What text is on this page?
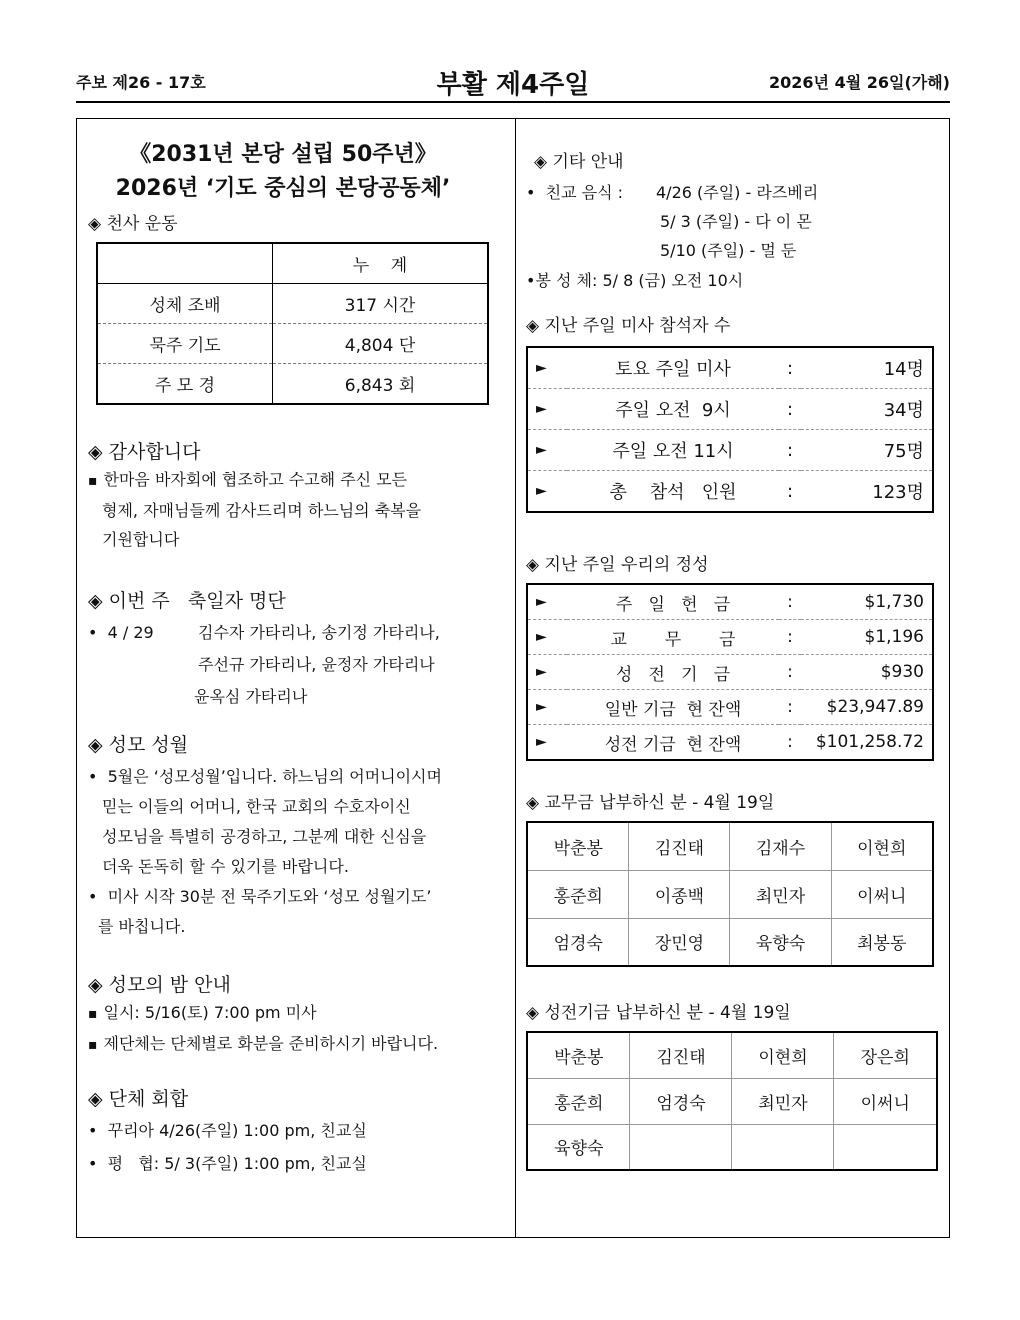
주보 제26 - 17호	부활 제4주일	2026년 4월 26일(가해)
《2031년 본당 설립 50주년》
2026년 ‘기도 중심의 본당공동체’
◈ 천사 운동
	누    계
성체 조배	317 시간
묵주 기도	4,804 단
주 모 경	6,843 회
◈ 감사합니다
▪ 한마음 바자회에 협조하고 수고해 주신 모든
형제, 자매님들께 감사드리며 하느님의 축복을
기원합니다
◈ 이번 주   축일자 명단
•  4 / 29	김수자 가타리나, 송기정 가타리나,
주선규 가타리나, 윤정자 가타리나
윤옥심 가타리나
◈ 성모 성월
•  5월은 ‘성모성월’입니다. 하느님의 어머니이시며
믿는 이들의 어머니, 한국 교회의 수호자이신
성모님을 특별히 공경하고, 그분께 대한 신심을
더욱 돈독히 할 수 있기를 바랍니다.
•  미사 시작 30분 전 묵주기도와 ‘성모 성월기도’
를 바칩니다.
◈ 성모의 밤 안내
▪ 일시: 5/16(토) 7:00 pm 미사
▪ 제단체는 단체별로 화분을 준비하시기 바랍니다.
◈ 단체 회합
•  꾸리아 4/26(주일) 1:00 pm, 친교실
•  평   협: 5/ 3(주일) 1:00 pm, 친교실
◈ 기타 안내
•  친교 음식 : 4/26 (주일) - 라즈베리
5/ 3 (주일) - 다 이 몬
5/10 (주일) - 멀 둔
•봉 성 체: 5/ 8 (금) 오전 10시
◈ 지난 주일 미사 참석자 수
►	토요 주일 미사	:	14명
►	주일 오전  9시	:	34명
►	주일 오전 11시	:	75명
►	총    참석   인원	:	123명
◈ 지난 주일 우리의 정성
►	주   일   헌   금	:	$1,730
►	교       무       금	:	$1,196
►	성   전   기   금	:	$930
►	일반 기금  현 잔액	:	$23,947.89
►	성전 기금  현 잔액	:	$101,258.72
◈ 교무금 납부하신 분 - 4월 19일
박춘봉	김진태	김재수	이현희
홍준희	이종백	최민자	이써니
엄경숙	장민영	육향숙	최봉동
◈ 성전기금 납부하신 분 - 4월 19일
박춘봉	김진태	이현희	장은희
홍준희	엄경숙	최민자	이써니
육향숙			
